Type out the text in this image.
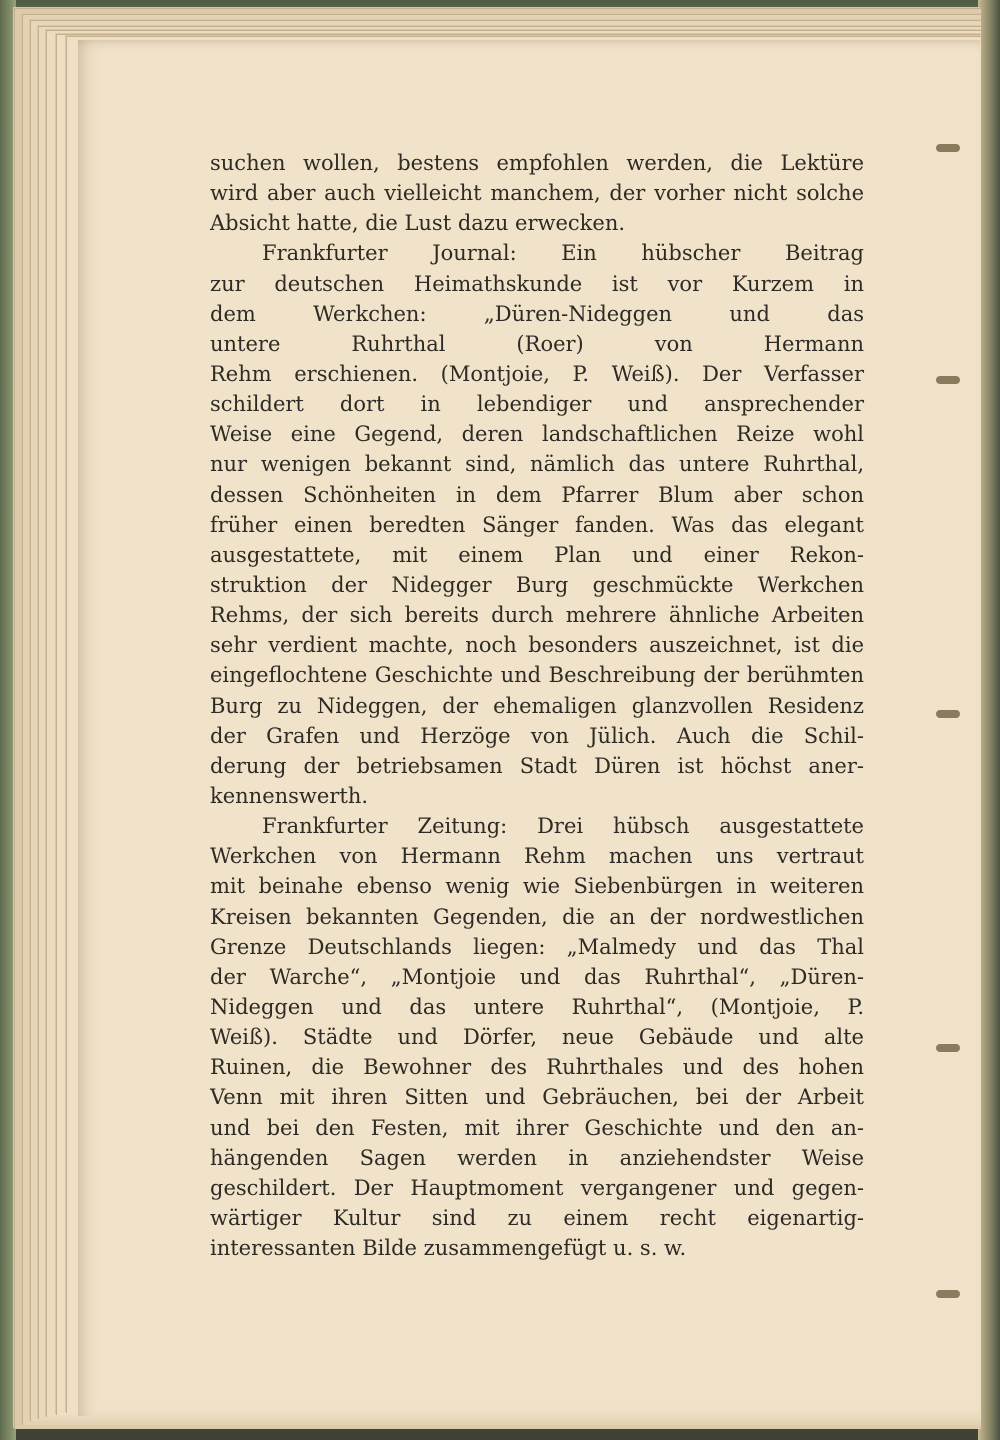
suchen wollen, bestens empfohlen werden, die Lektüre
wird aber auch vielleicht manchem, der vorher nicht solche
Absicht hatte, die Lust dazu erwecken.
Frankfurter Journal: Ein hübscher Beitrag
zur deutschen Heimathskunde ist vor Kurzem in
dem Werkchen: „Düren-Nideggen und das
untere Ruhrthal (Roer) von Hermann
Rehm erschienen. (Montjoie, P. Weiß). Der Verfasser
schildert dort in lebendiger und ansprechender
Weise eine Gegend, deren landschaftlichen Reize wohl
nur wenigen bekannt sind, nämlich das untere Ruhrthal,
dessen Schönheiten in dem Pfarrer Blum aber schon
früher einen beredten Sänger fanden. Was das elegant
ausgestattete, mit einem Plan und einer Rekon-
struktion der Nidegger Burg geschmückte Werkchen
Rehms, der sich bereits durch mehrere ähnliche Arbeiten
sehr verdient machte, noch besonders auszeichnet, ist die
eingeflochtene Geschichte und Beschreibung der berühmten
Burg zu Nideggen, der ehemaligen glanzvollen Residenz
der Grafen und Herzöge von Jülich. Auch die Schil-
derung der betriebsamen Stadt Düren ist höchst aner-
kennenswerth.
Frankfurter Zeitung: Drei hübsch ausgestattete
Werkchen von Hermann Rehm machen uns vertraut
mit beinahe ebenso wenig wie Siebenbürgen in weiteren
Kreisen bekannten Gegenden, die an der nordwestlichen
Grenze Deutschlands liegen: „Malmedy und das Thal
der Warche“, „Montjoie und das Ruhrthal“, „Düren-
Nideggen und das untere Ruhrthal“, (Montjoie, P.
Weiß). Städte und Dörfer, neue Gebäude und alte
Ruinen, die Bewohner des Ruhrthales und des hohen
Venn mit ihren Sitten und Gebräuchen, bei der Arbeit
und bei den Festen, mit ihrer Geschichte und den an-
hängenden Sagen werden in anziehendster Weise
geschildert. Der Hauptmoment vergangener und gegen-
wärtiger Kultur sind zu einem recht eigenartig-
interessanten Bilde zusammengefügt u. s. w.
